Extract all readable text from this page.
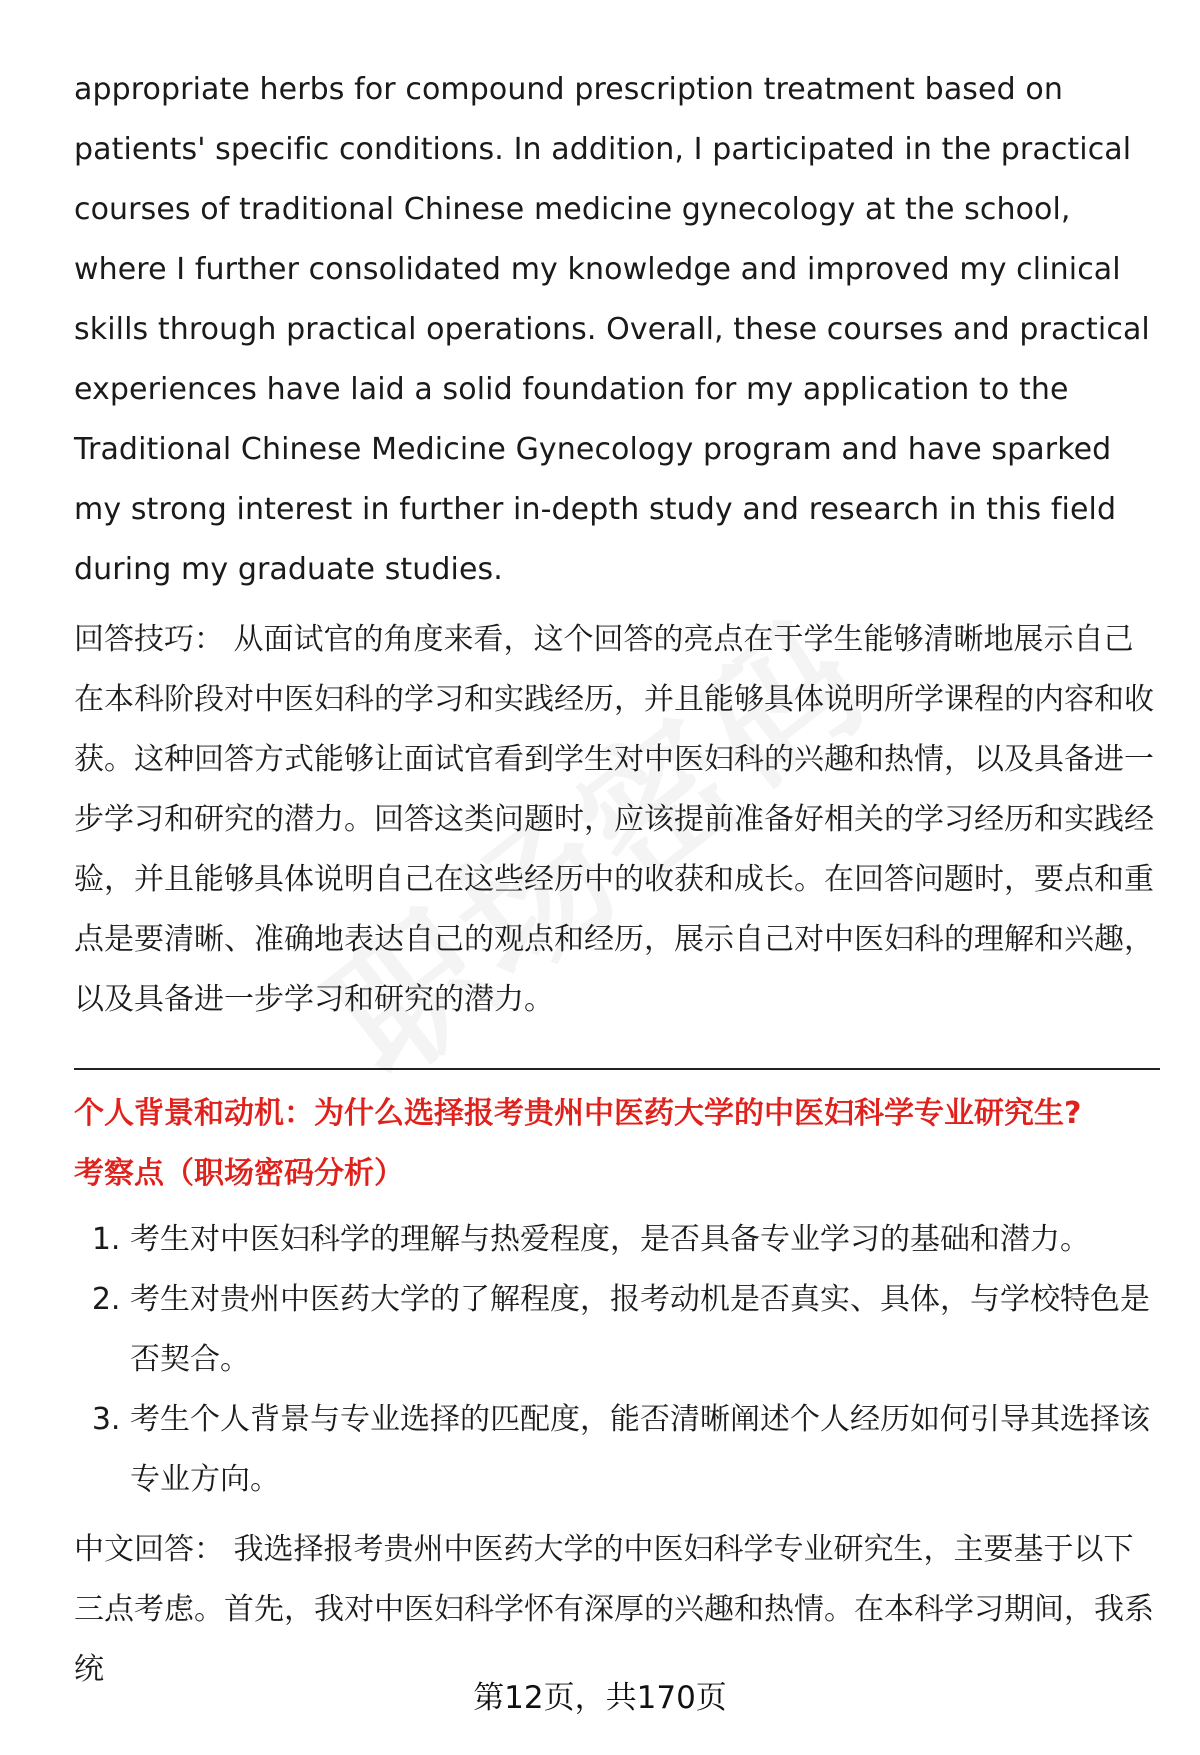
appropriate herbs for compound prescription treatment based on patients' specific conditions. In addition, I participated in the practical courses of traditional Chinese medicine gynecology at the school, where I further consolidated my knowledge and improved my clinical skills through practical operations. Overall, these courses and practical experiences have laid a solid foundation for my application to the Traditional Chinese Medicine Gynecology program and have sparked my strong interest in further in-depth study and research in this field during my graduate studies.

回答技巧： 从面试官的角度来看，这个回答的亮点在于学生能够清晰地展示自己在本科阶段对中医妇科的学习和实践经历，并且能够具体说明所学课程的内容和收获。这种回答方式能够让面试官看到学生对中医妇科的兴趣和热情，以及具备进一步学习和研究的潜力。回答这类问题时，应该提前准备好相关的学习经历和实践经验，并且能够具体说明自己在这些经历中的收获和成长。在回答问题时，要点和重点是要清晰、准确地表达自己的观点和经历，展示自己对中医妇科的理解和兴趣，以及具备进一步学习和研究的潜力。

个人背景和动机：为什么选择报考贵州中医药大学的中医妇科学专业研究生?

考察点（职场密码分析）

1. 考生对中医妇科学的理解与热爱程度，是否具备专业学习的基础和潜力。
2. 考生对贵州中医药大学的了解程度，报考动机是否真实、具体，与学校特色是否契合。
3. 考生个人背景与专业选择的匹配度，能否清晰阐述个人经历如何引导其选择该专业方向。

中文回答： 我选择报考贵州中医药大学的中医妇科学专业研究生，主要基于以下三点考虑。首先，我对中医妇科学怀有深厚的兴趣和热情。在本科学习期间，我系统

第12页，共170页
